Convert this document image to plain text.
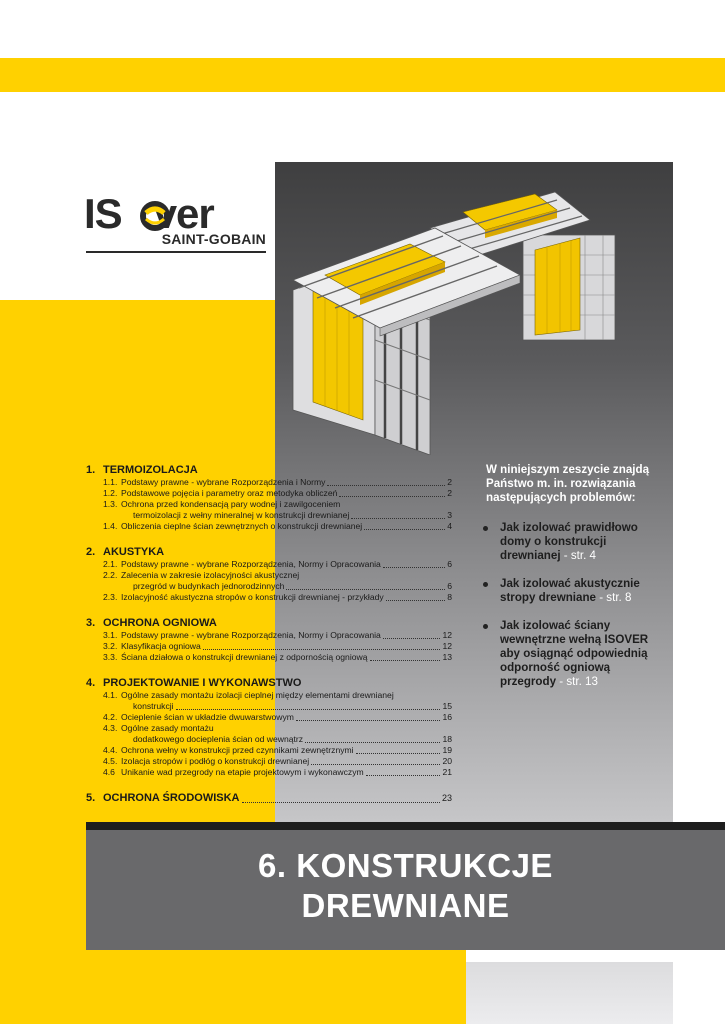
IS ver
SAINT-GOBAIN
1. TERMOIZOLACJA
1.1. Podstawy prawne - wybrane Rozporządzenia i Normy	2
1.2. Podstawowe pojęcia i parametry oraz metodyka obliczeń	2
1.3. Ochrona przed kondensacją pary wodnej i zawilgoceniem
termoizolacji z wełny mineralnej w konstrukcji drewnianej	3
1.4. Obliczenia cieplne ścian zewnętrznych o konstrukcji drewnianej	4
2. AKUSTYKA
2.1. Podstawy prawne - wybrane Rozporządzenia, Normy i Opracowania	6
2.2. Zalecenia w zakresie izolacyjności akustycznej
przegród w budynkach jednorodzinnych	6
2.3. Izolacyjność akustyczna stropów o konstrukcji drewnianej - przykłady	8
3. OCHRONA OGNIOWA
3.1. Podstawy prawne - wybrane Rozporządzenia, Normy i Opracowania	12
3.2. Klasyfikacja ogniowa	12
3.3. Ściana działowa o konstrukcji drewnianej z odpornością ogniową	13
4. PROJEKTOWANIE I WYKONAWSTWO
4.1. Ogólne zasady montażu izolacji cieplnej między elementami drewnianej
konstrukcji	15
4.2. Ocieplenie ścian w układzie dwuwarstwowym	16
4.3. Ogólne zasady montażu
dodatkowego docieplenia ścian od wewnątrz	18
4.4. Ochrona wełny w konstrukcji przed czynnikami zewnętrznymi	19
4.5. Izolacja stropów i podłóg o konstrukcji drewnianej	20
4.6 Unikanie wad przegrody na etapie projektowym i wykonawczym	21
5. OCHRONA ŚRODOWISKA	23

W niniejszym zeszycie znajdą Państwo m. in. rozwiązania następujących problemów:

Jak izolować prawidłowo domy o konstrukcji drewnianej - str. 4
Jak izolować akustycznie stropy drewniane - str. 8
Jak izolować ściany wewnętrzne wełną ISOVER aby osiągnąć odpowiednią odporność ogniową przegrody - str. 13
6. KONSTRUKCJE
DREWNIANE
